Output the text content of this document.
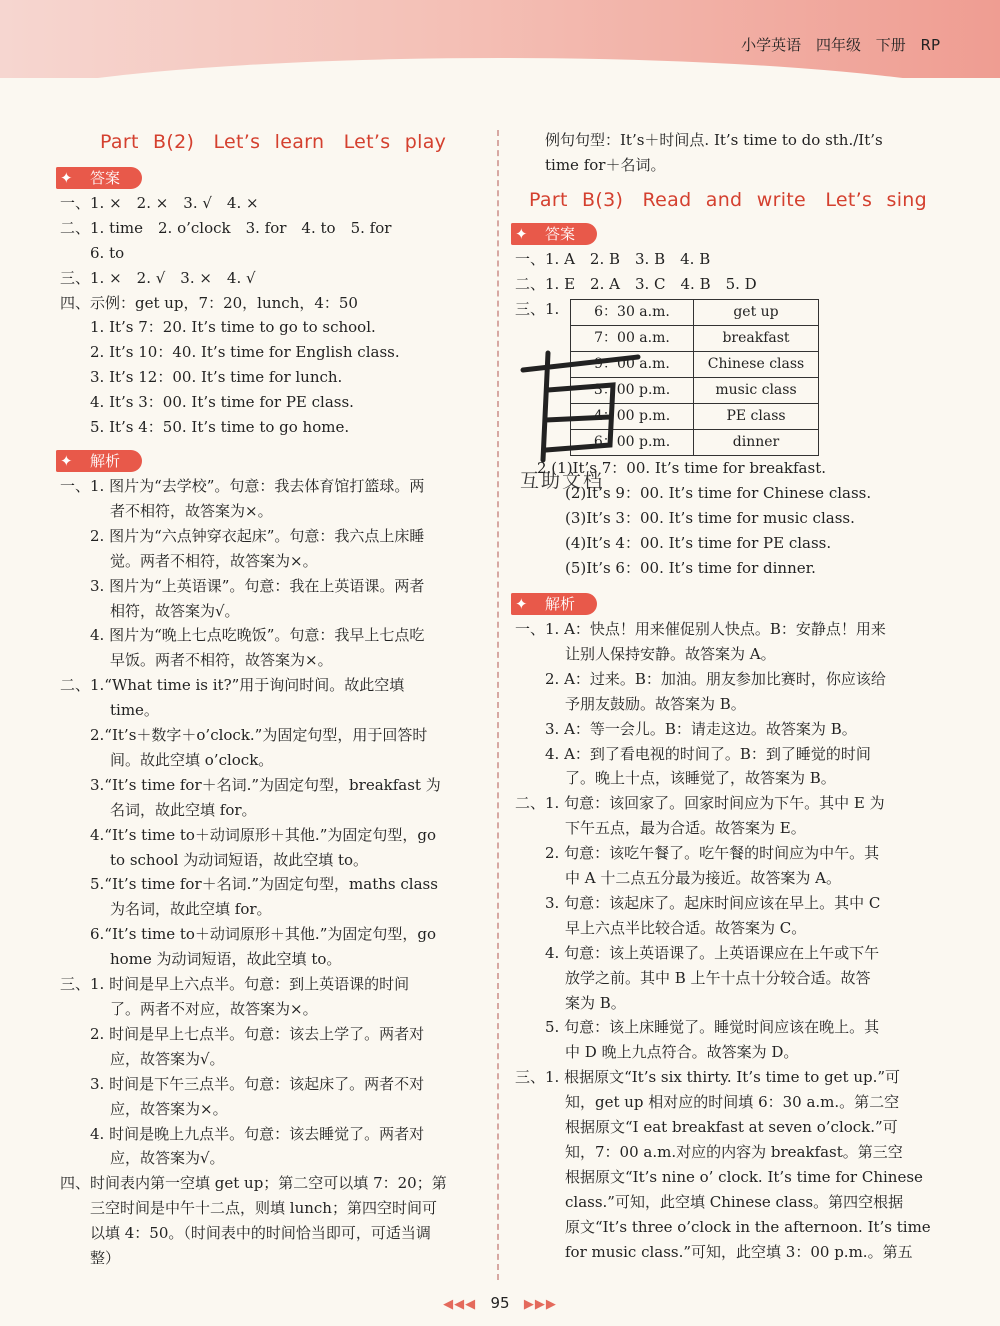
小学英语 四年级 下册 RP
Part B(2)　Let’s learn　Let’s play
✦ 答案
一、1. ×　2. ×　3. √　4. ×
二、1. time　2. o’clock　3. for　4. to　5. for
6. to
三、1. ×　2. √　3. ×　4. √
四、示例：get up，7：20，lunch，4：50
1. It’s 7：20. It’s time to go to school.
2. It’s 10：40. It’s time for English class.
3. It’s 12：00. It’s time for lunch.
4. It’s 3：00. It’s time for PE class.
5. It’s 4：50. It’s time to go home.
✦ 解析
一、1. 图片为“去学校”。句意：我去体育馆打篮球。两
者不相符，故答案为×。
2. 图片为“六点钟穿衣起床”。句意：我六点上床睡
觉。两者不相符，故答案为×。
3. 图片为“上英语课”。句意：我在上英语课。两者
相符，故答案为√。
4. 图片为“晚上七点吃晚饭”。句意：我早上七点吃
早饭。两者不相符，故答案为×。
二、1.“What time is it?”用于询问时间。故此空填
time。
2.“It’s＋数字＋o’clock.”为固定句型，用于回答时
间。故此空填 o’clock。
3.“It’s time for＋名词.”为固定句型，breakfast 为
名词，故此空填 for。
4.“It’s time to＋动词原形＋其他.”为固定句型，go
to school 为动词短语，故此空填 to。
5.“It’s time for＋名词.”为固定句型，maths class
为名词，故此空填 for。
6.“It’s time to＋动词原形＋其他.”为固定句型，go
home 为动词短语，故此空填 to。
三、1. 时间是早上六点半。句意：到上英语课的时间
了。两者不对应，故答案为×。
2. 时间是早上七点半。句意：该去上学了。两者对
应，故答案为√。
3. 时间是下午三点半。句意：该起床了。两者不对
应，故答案为×。
4. 时间是晚上九点半。句意：该去睡觉了。两者对
应，故答案为√。
四、时间表内第一空填 get up；第二空可以填 7：20；第
三空时间是中午十二点，则填 lunch；第四空时间可
以填 4：50。（时间表中的时间恰当即可，可适当调
整）
例句句型：It’s＋时间点. It’s time to do sth./It’s
time for＋名词。
Part B(3)　Read and write　Let’s sing
✦ 答案
一、1. A　2. B　3. B　4. B
二、1. E　2. A　3. C　4. B　5. D
三、1.	6：30 a.m.	get up
7：00 a.m.	breakfast
9：00 a.m.	Chinese class
3：00 p.m.	music class
4：00 p.m.	PE class
6：00 p.m.	dinner
2.(1)It’s 7：00. It’s time for breakfast.
(2)It’s 9：00. It’s time for Chinese class.
(3)It’s 3：00. It’s time for music class.
(4)It’s 4：00. It’s time for PE class.
(5)It’s 6：00. It’s time for dinner.
✦ 解析
一、1. A：快点！用来催促别人快点。B：安静点！用来
让别人保持安静。故答案为 A。
2. A：过来。B：加油。朋友参加比赛时，你应该给
予朋友鼓励。故答案为 B。
3. A：等一会儿。B：请走这边。故答案为 B。
4. A：到了看电视的时间了。B：到了睡觉的时间
了。晚上十点，该睡觉了，故答案为 B。
二、1. 句意：该回家了。回家时间应为下午。其中 E 为
下午五点，最为合适。故答案为 E。
2. 句意：该吃午餐了。吃午餐的时间应为中午。其
中 A 十二点五分最为接近。故答案为 A。
3. 句意：该起床了。起床时间应该在早上。其中 C
早上六点半比较合适。故答案为 C。
4. 句意：该上英语课了。上英语课应在上午或下午
放学之前。其中 B 上午十点十分较合适。故答
案为 B。
5. 句意：该上床睡觉了。睡觉时间应该在晚上。其
中 D 晚上九点符合。故答案为 D。
三、1. 根据原文“It’s six thirty. It’s time to get up.”可
知，get up 相对应的时间填 6：30 a.m.。第二空
根据原文“I eat breakfast at seven o’clock.”可
知，7：00 a.m.对应的内容为 breakfast。第三空
根据原文“It’s nine o’ clock. It’s time for Chinese
class.”可知，此空填 Chinese class。第四空根据
原文“It’s three o’clock in the afternoon. It’s time
for music class.”可知，此空填 3：00 p.m.。第五
互助文档
◀◀◀ 95 ▶▶▶
